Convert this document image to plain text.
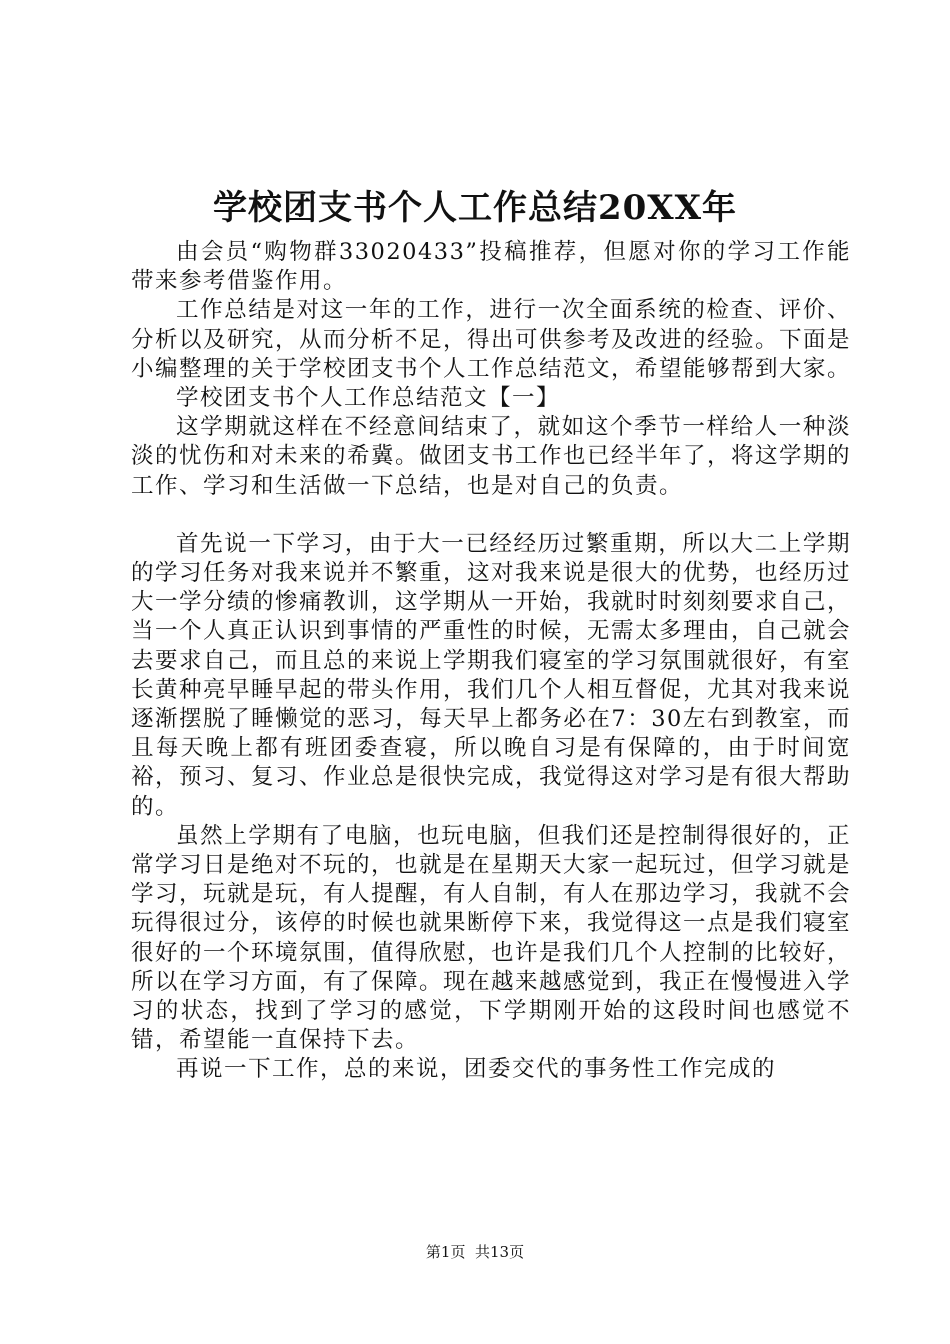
学校团支书个人工作总结20XX年

由会员“购物群33020433”投稿推荐，但愿对你的学习工作能带来参考借鉴作用。

工作总结是对这一年的工作，进行一次全面系统的检查、评价、分析以及研究，从而分析不足，得出可供参考及改进的经验。下面是小编整理的关于学校团支书个人工作总结范文，希望能够帮到大家。

学校团支书个人工作总结范文【一】

这学期就这样在不经意间结束了，就如这个季节一样给人一种淡淡的忧伤和对未来的希冀。做团支书工作也已经半年了，将这学期的工作、学习和生活做一下总结，也是对自己的负责。

首先说一下学习，由于大一已经经历过繁重期，所以大二上学期的学习任务对我来说并不繁重，这对我来说是很大的优势，也经历过大一学分绩的惨痛教训，这学期从一开始，我就时时刻刻要求自己，当一个人真正认识到事情的严重性的时候，无需太多理由，自己就会去要求自己，而且总的来说上学期我们寝室的学习氛围就很好，有室长黄种亮早睡早起的带头作用，我们几个人相互督促，尤其对我来说逐渐摆脱了睡懒觉的恶习，每天早上都务必在7：30左右到教室，而且每天晚上都有班团委查寝，所以晚自习是有保障的，由于时间宽裕，预习、复习、作业总是很快完成，我觉得这对学习是有很大帮助的。

虽然上学期有了电脑，也玩电脑，但我们还是控制得很好的，正常学习日是绝对不玩的，也就是在星期天大家一起玩过，但学习就是学习，玩就是玩，有人提醒，有人自制，有人在那边学习，我就不会玩得很过分，该停的时候也就果断停下来，我觉得这一点是我们寝室很好的一个环境氛围，值得欣慰，也许是我们几个人控制的比较好，所以在学习方面，有了保障。现在越来越感觉到，我正在慢慢进入学习的状态，找到了学习的感觉，下学期刚开始的这段时间也感觉不错，希望能一直保持下去。

再说一下工作，总的来说，团委交代的事务性工作完成的

第1页 共13页
